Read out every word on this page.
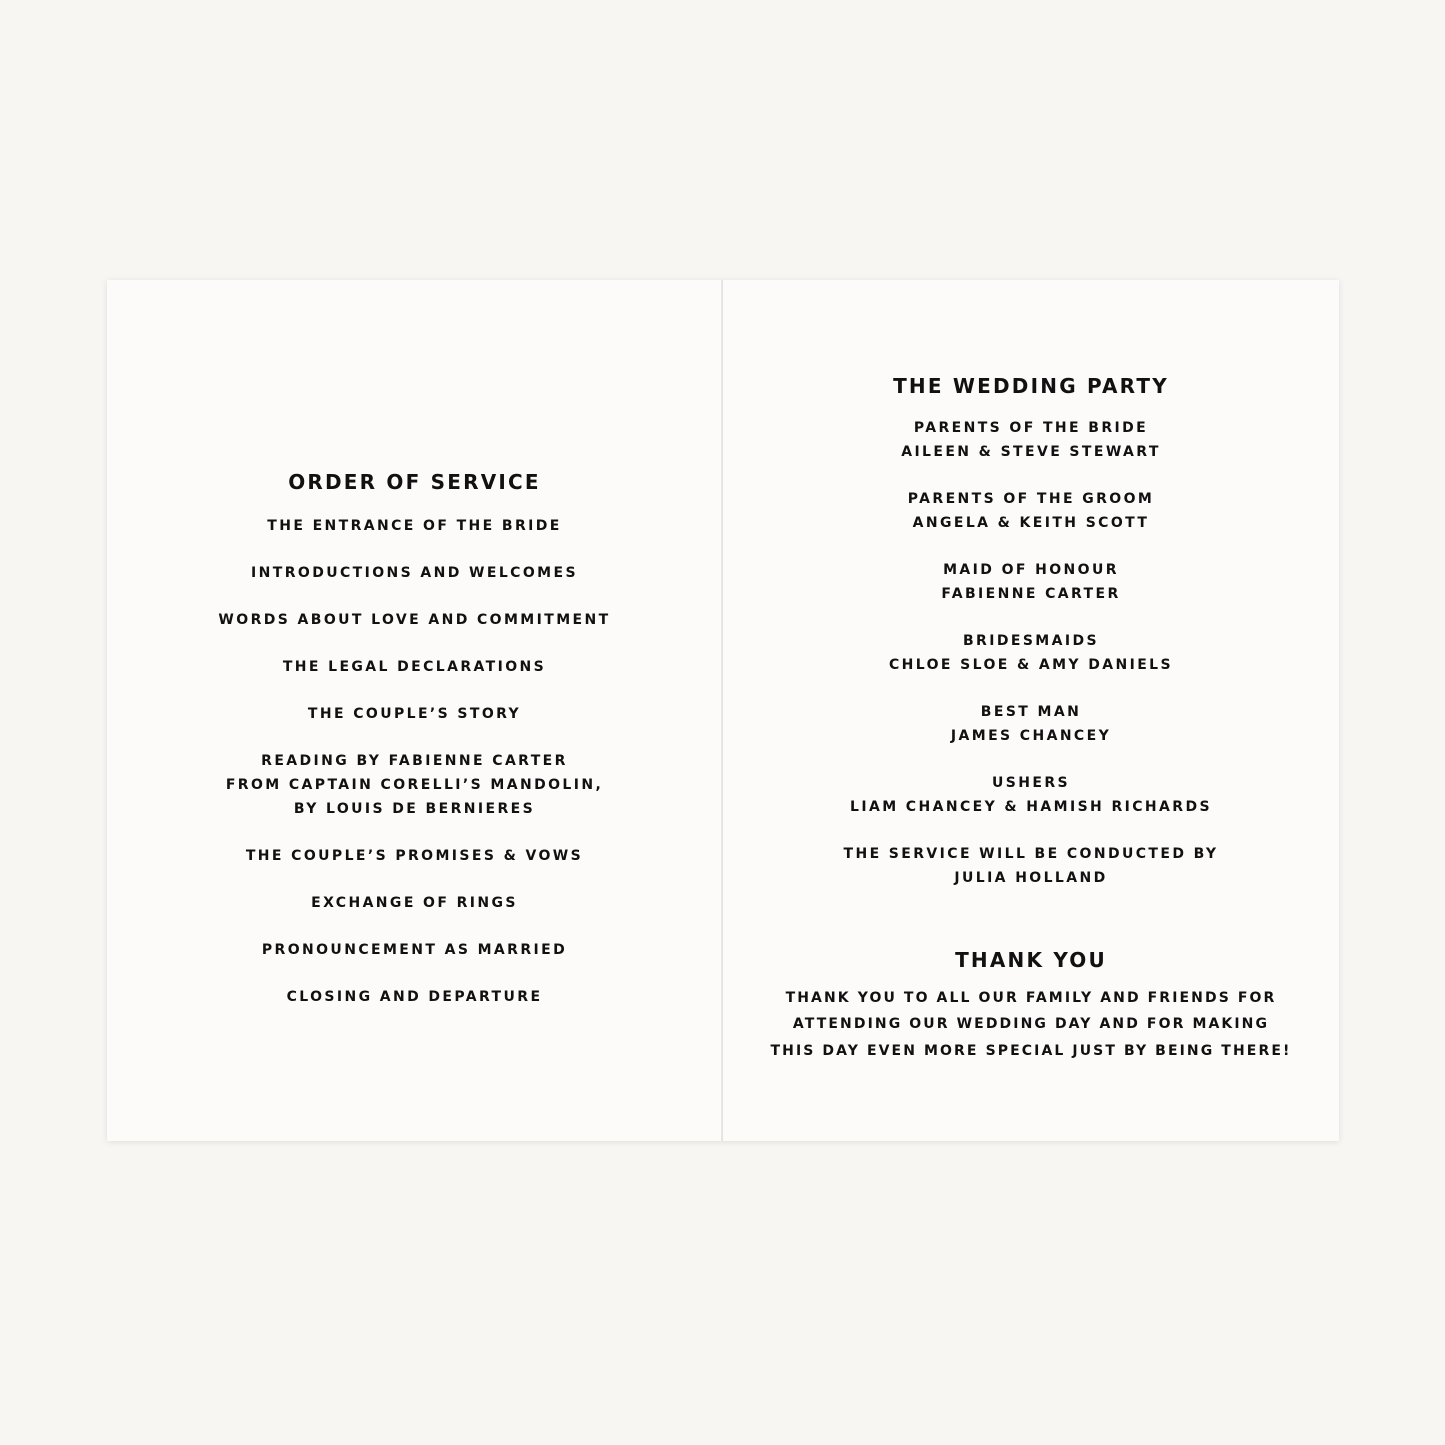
ORDER OF SERVICE
THE ENTRANCE OF THE BRIDE
INTRODUCTIONS AND WELCOMES
WORDS ABOUT LOVE AND COMMITMENT
THE LEGAL DECLARATIONS
THE COUPLE’S STORY
READING BY FABIENNE CARTER
FROM CAPTAIN CORELLI’S MANDOLIN,
BY LOUIS DE BERNIERES
THE COUPLE’S PROMISES & VOWS
EXCHANGE OF RINGS
PRONOUNCEMENT AS MARRIED
CLOSING AND DEPARTURE
THE WEDDING PARTY
PARENTS OF THE BRIDE
AILEEN & STEVE STEWART
PARENTS OF THE GROOM
ANGELA & KEITH SCOTT
MAID OF HONOUR
FABIENNE CARTER
BRIDESMAIDS
CHLOE SLOE & AMY DANIELS
BEST MAN
JAMES CHANCEY
USHERS
LIAM CHANCEY & HAMISH RICHARDS
THE SERVICE WILL BE CONDUCTED BY
JULIA HOLLAND
THANK YOU
THANK YOU TO ALL OUR FAMILY AND FRIENDS FOR
ATTENDING OUR WEDDING DAY AND FOR MAKING
THIS DAY EVEN MORE SPECIAL JUST BY BEING THERE!
